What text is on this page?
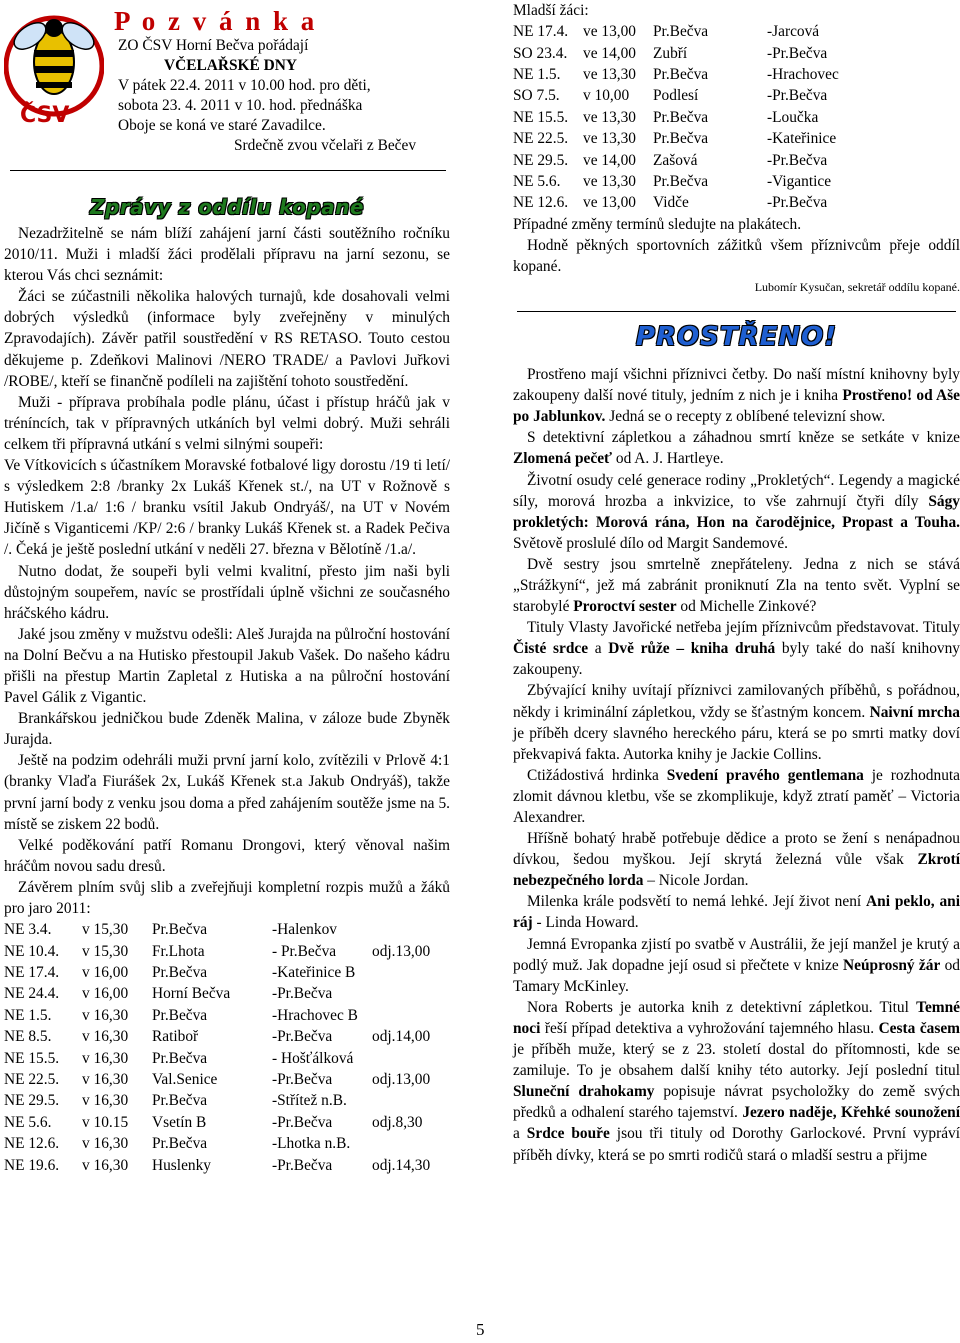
ČSV
P o z v á n k a
ZO ČSV Horní Bečva pořádají
VČELAŘSKÉ DNY
V pátek 22.4. 2011 v 10.00 hod. pro děti,
sobota 23. 4. 2011 v 10. hod. přednáška
Oboje se koná ve staré Zavadilce.
Srdečně zvou včelaři z Bečev
Zprávy z oddílu kopané

Nezadržitelně se nám blíží zahájení jarní části soutěžního ročníku 2010/11. Muži i mladší žáci prodělali přípravu na jarní sezonu, se kterou Vás chci seznámit:

Žáci se zúčastnili několika halových turnajů, kde dosahovali velmi dobrých výsledků (informace byly zveřejněny v minulých Zpravodajích). Závěr patřil soustředění v RS RETASO. Touto cestou děkujeme p. Zdeňkovi Malinovi /NERO TRADE/ a Pavlovi Juřkovi /ROBE/, kteří se finančně podíleli na zajištění tohoto soustředění.

Muži - příprava probíhala podle plánu, účast i přístup hráčů jak v tréníncích, tak v přípravných utkáních byl velmi dobrý. Muži sehráli celkem tři přípravná utkání s velmi silnými soupeři:

Ve Vítkovicích s účastníkem Moravské fotbalové ligy dorostu /19 ti letí/ s výsledkem 2:8 /branky 2x Lukáš Křenek st./, na UT v Rožnově s Hutiskem /1.a/ 1:6 / branku vsítil Jakub Ondryáš/, na UT v Novém Jičíně s Viganticemi /KP/ 2:6 / branky Lukáš Křenek st. a Radek Pečiva /. Čeká je ještě poslední utkání v neděli 27. března v Bělotíně /1.a/.

Nutno dodat, že soupeři byli velmi kvalitní, přesto jim naši byli důstojným soupeřem, navíc se prostřídali úplně všichni ze současného hráčského kádru.

Jaké jsou změny v mužstvu odešli: Aleš Jurajda na půlroční hostování na Dolní Bečvu a na Hutisko přestoupil Jakub Vašek. Do našeho kádru přišli na přestup Martin Zapletal z Hutiska a na půlroční hostování Pavel Gálik z Vigantic.

Brankářskou jedničkou bude Zdeněk Malina, v záloze bude Zbyněk Jurajda.

Ještě na podzim odehráli muži první jarní kolo, zvítězili v Prlově 4:1 (branky Vlaďa Fiurášek 2x, Lukáš Křenek st.a Jakub Ondryáš), takže první jarní body z venku jsou doma a před zahájením soutěže jsme na 5. místě se ziskem 22 bodů.

Velké poděkování patří Romanu Drongovi, který věnoval našim hráčům novou sadu dresů.

Závěrem plním svůj slib a zveřejňuji kompletní rozpis mužů a žáků pro jaro 2011:

NE 3.4.	v 15,30	Pr.Bečva	-Halenkov	
NE 10.4.	v 15,30	Fr.Lhota	- Pr.Bečva	odj.13,00
NE 17.4.	v 16,00	Pr.Bečva	-Kateřinice B	
NE 24.4.	v 16,00	Horní Bečva	-Pr.Bečva	
NE 1.5.	v 16,30	Pr.Bečva	-Hrachovec B	
NE 8.5.	v 16,30	Ratiboř	-Pr.Bečva	odj.14,00
NE 15.5.	v 16,30	Pr.Bečva	- Hošťálková	
NE 22.5.	v 16,30	Val.Senice	-Pr.Bečva	odj.13,00
NE 29.5.	v 16,30	Pr.Bečva	-Střítež n.B.	
NE 5.6.	v 10.15	Vsetín B	-Pr.Bečva	odj.8,30
NE 12.6.	v 16,30	Pr.Bečva	-Lhotka n.B.	
NE 19.6.	v 16,30	Huslenky	-Pr.Bečva	odj.14,30

Mladší žáci:

NE 17.4.	ve 13,00	Pr.Bečva	-Jarcová
SO 23.4.	ve 14,00	Zubří	-Pr.Bečva
NE 1.5.	ve 13,30	Pr.Bečva	-Hrachovec
SO 7.5.	v 10,00	Podlesí	-Pr.Bečva
NE 15.5.	ve 13,30	Pr.Bečva	-Loučka
NE 22.5.	ve 13,30	Pr.Bečva	-Kateřinice
NE 29.5.	ve 14,00	Zašová	-Pr.Bečva
NE 5.6.	ve 13,30	Pr.Bečva	-Vigantice
NE 12.6.	ve 13,00	Vidče	-Pr.Bečva

Případné změny termínů sledujte na plakátech.

Hodně pěkných sportovních zážitků všem příznivcům přeje oddíl kopané.

Lubomír Kysučan, sekretář oddílu kopané.
PROSTŘENO!

Prostřeno mají všichni příznivci četby. Do naší místní knihovny byly zakoupeny další nové tituly, jedním z nich je i kniha Prostřeno! od Aše po Jablunkov. Jedná se o recepty z oblíbené televizní show.

S detektivní zápletkou a záhadnou smrtí kněze se setkáte v knize Zlomená pečeť od A. J. Hartleye.

Životní osudy celé generace rodiny „Prokletých“. Legendy a magické síly, morová hrozba a inkvizice, to vše zahrnují čtyři díly Ságy prokletých: Morová rána, Hon na čarodějnice, Propast a Touha. Světově proslulé dílo od Margit Sandemové.

Dvě sestry jsou smrtelně znepřáteleny. Jedna z nich se stává „Strážkyní“, jež má zabránit proniknutí Zla na tento svět. Vyplní se starobylé Proroctví sester od Michelle Zinkové?

Tituly Vlasty Javořické netřeba jejím příznivcům představovat. Tituly Čisté srdce a Dvě růže – kniha druhá byly také do naší knihovny zakoupeny.

Zbývající knihy uvítají příznivci zamilovaných příběhů, s pořádnou, někdy i kriminální zápletkou, vždy se šťastným koncem. Naivní mrcha je příběh dcery slavného hereckého páru, která se po smrti matky doví překvapivá fakta. Autorka knihy je Jackie Collins.

Ctižádostivá hrdinka Svedení pravého gentlemana je rozhodnuta zlomit dávnou kletbu, vše se zkomplikuje, když ztratí paměť – Victoria Alexandrer.

Hříšně bohatý hrabě potřebuje dědice a proto se žení s nenápadnou dívkou, šedou myškou. Její skrytá železná vůle však Zkrotí nebezpečného lorda – Nicole Jordan.

Milenka krále podsvětí to nemá lehké. Její život není Ani peklo, ani ráj - Linda Howard.

Jemná Evropanka zjistí po svatbě v Austrálii, že její manžel je krutý a podlý muž. Jak dopadne její osud si přečtete v knize Neúprosný žár od Tamary McKinley.

Nora Roberts je autorka knih z detektivní zápletkou. Titul Temné noci řeší případ detektiva a vyhrožování tajemného hlasu. Cesta časem je příběh muže, který se z 23. století dostal do přítomnosti, kde se zamiluje. To je obsahem další knihy této autorky. Její poslední titul Sluneční drahokamy popisuje návrat psycholožky do země svých předků a odhalení starého tajemství. Jezero naděje, Křehké sounožení a Srdce bouře jsou tři tituly od Dorothy Garlockové. První vypráví příběh dívky, která se po smrti rodičů stará o mladší sestru a přijme

5
